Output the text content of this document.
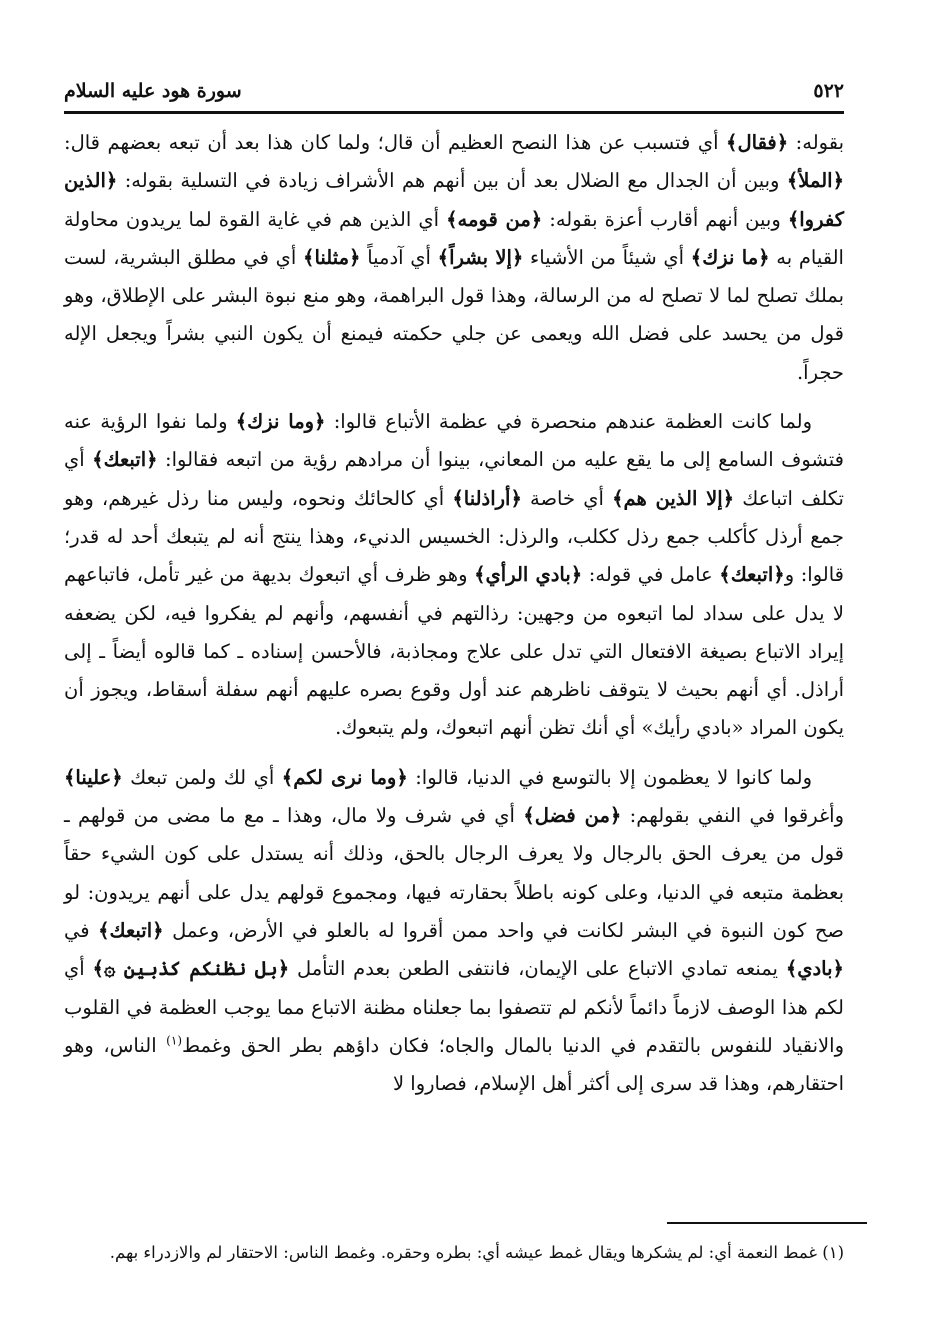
٥٢٢
سورة هود عليه السلام

بقوله: ﴿فقال﴾ أي فتسبب عن هذا النصح العظيم أن قال؛ ولما كان هذا بعد أن تبعه بعضهم قال: ﴿الملأ﴾ وبين أن الجدال مع الضلال بعد أن بين أنهم هم الأشراف زيادة في التسلية بقوله: ﴿الذين كفروا﴾ وبين أنهم أقارب أعزة بقوله: ﴿من قومه﴾ أي الذين هم في غاية القوة لما يريدون محاولة القيام به ﴿ما نزك﴾ أي شيئاً من الأشياء ﴿إلا بشراً﴾ أي آدمياً ﴿مثلنا﴾ أي في مطلق البشرية، لست بملك تصلح لما لا تصلح له من الرسالة، وهذا قول البراهمة، وهو منع نبوة البشر على الإطلاق، وهو قول من يحسد على فضل الله ويعمى عن جلي حكمته فيمنع أن يكون النبي بشراً ويجعل الإله حجراً.

ولما كانت العظمة عندهم منحصرة في عظمة الأتباع قالوا: ﴿وما نزك﴾ ولما نفوا الرؤية عنه فتشوف السامع إلى ما يقع عليه من المعاني، بينوا أن مرادهم رؤية من اتبعه فقالوا: ﴿اتبعك﴾ أي تكلف اتباعك ﴿إلا الذين هم﴾ أي خاصة ﴿أراذلنا﴾ أي كالحائك ونحوه، وليس منا رذل غيرهم، وهو جمع أرذل كأكلب جمع رذل ككلب، والرذل: الخسيس الدنيء، وهذا ينتج أنه لم يتبعك أحد له قدر؛ قالوا: و﴿اتبعك﴾ عامل في قوله: ﴿بادي الرأي﴾ وهو ظرف أي اتبعوك بديهة من غير تأمل، فاتباعهم لا يدل على سداد لما اتبعوه من وجهين: رذالتهم في أنفسهم، وأنهم لم يفكروا فيه، لكن يضعفه إيراد الاتباع بصيغة الافتعال التي تدل على علاج ومجاذبة، فالأحسن إسناده ـ كما قالوه أيضاً ـ إلى أراذل. أي أنهم بحيث لا يتوقف ناظرهم عند أول وقوع بصره عليهم أنهم سفلة أسقاط، ويجوز أن يكون المراد «بادي رأيك» أي أنك تظن أنهم اتبعوك، ولم يتبعوك.

ولما كانوا لا يعظمون إلا بالتوسع في الدنيا، قالوا: ﴿وما نرى لكم﴾ أي لك ولمن تبعك ﴿علينا﴾ وأغرقوا في النفي بقولهم: ﴿من فضل﴾ أي في شرف ولا مال، وهذا ـ مع ما مضى من قولهم ـ قول من يعرف الحق بالرجال ولا يعرف الرجال بالحق، وذلك أنه يستدل على كون الشيء حقاً بعظمة متبعه في الدنيا، وعلى كونه باطلاً بحقارته فيها، ومجموع قولهم يدل على أنهم يريدون: لو صح كون النبوة في البشر لكانت في واحد ممن أقروا له بالعلو في الأرض، وعمل ﴿اتبعك﴾ في ﴿بادي﴾ يمنعه تمادي الاتباع على الإيمان، فانتفى الطعن بعدم التأمل ﴿بل نظنكم كذبين ۞﴾ أي لكم هذا الوصف لازماً دائماً لأنكم لم تتصفوا بما جعلناه مظنة الاتباع مما يوجب العظمة في القلوب والانقياد للنفوس بالتقدم في الدنيا بالمال والجاه؛ فكان داؤهم بطر الحق وغمط$^{(١)}$ الناس، وهو احتقارهم، وهذا قد سرى إلى أكثر أهل الإسلام، فصاروا لا

(١) غمط النعمة أي: لم يشكرها ويقال غمط عيشه أي: بطره وحقره. وغمط الناس: الاحتقار لم والازدراء بهم.
